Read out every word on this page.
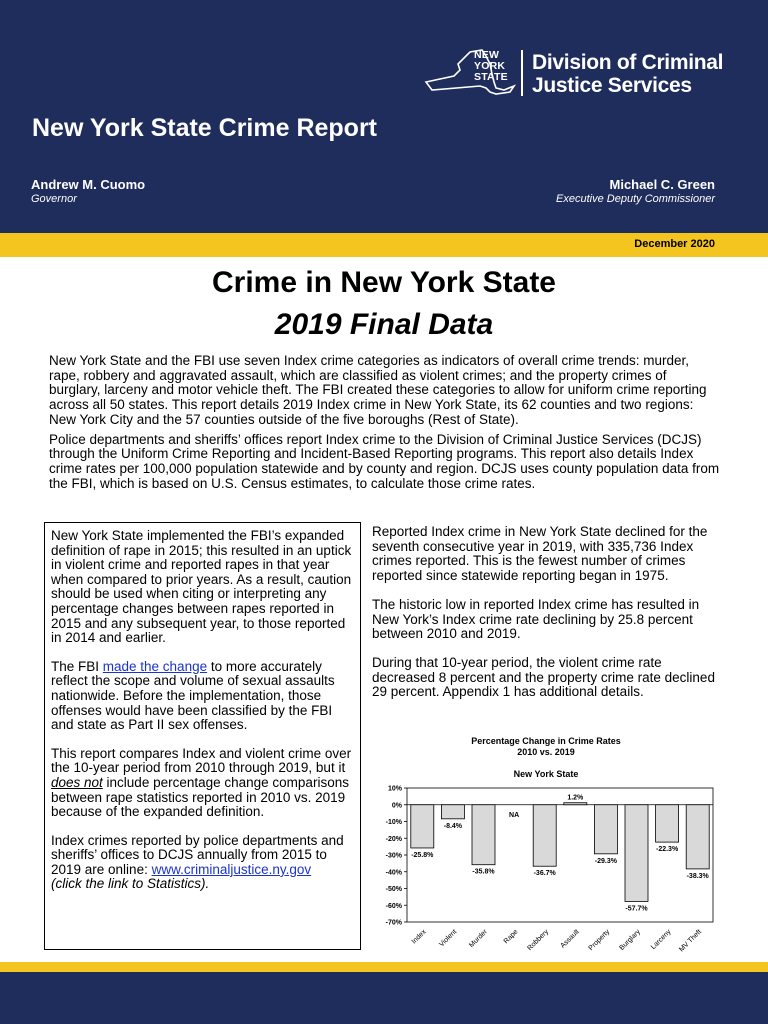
NEW
YORK
STATE
Division of Criminal
Justice Services
New York State Crime Report
Andrew M. Cuomo
Governor
Michael C. Green
Executive Deputy Commissioner
December 2020
Crime in New York State
2019 Final Data

New York State and the FBI use seven Index crime categories as indicators of overall crime trends: murder, rape, robbery and aggravated assault, which are classified as violent crimes; and the property crimes of burglary, larceny and motor vehicle theft. The FBI created these categories to allow for uniform crime reporting across all 50 states. This report details 2019 Index crime in New York State, its 62 counties and two regions: New York City and the 57 counties outside of the five boroughs (Rest of State).

Police departments and sheriffs’ offices report Index crime to the Division of Criminal Justice Services (DCJS) through the Uniform Crime Reporting and Incident-Based Reporting programs. This report also details Index crime rates per 100,000 population statewide and by county and region. DCJS uses county population data from the FBI, which is based on U.S. Census estimates, to calculate those crime rates.

New York State implemented the FBI’s expanded definition of rape in 2015; this resulted in an uptick in violent crime and reported rapes in that year when compared to prior years. As a result, caution should be used when citing or interpreting any percentage changes between rapes reported in 2015 and any subsequent year, to those reported in 2014 and earlier.

The FBI made the change to more accurately reflect the scope and volume of sexual assaults nationwide. Before the implementation, those offenses would have been classified by the FBI and state as Part II sex offenses.

This report compares Index and violent crime over the 10-year period from 2010 through 2019, but it does not include percentage change comparisons between rape statistics reported in 2010 vs. 2019 because of the expanded definition.

Index crimes reported by police departments and sheriffs’ offices to DCJS annually from 2015 to 2019 are online: www.criminaljustice.ny.gov
(click the link to Statistics).

Reported Index crime in New York State declined for the seventh consecutive year in 2019, with 335,736 Index crimes reported. This is the fewest number of crimes reported since statewide reporting began in 1975.

The historic low in reported Index crime has resulted in New York’s Index crime rate declining by 25.8 percent between 2010 and 2019.

During that 10-year period, the violent crime rate decreased 8 percent and the property crime rate declined 29 percent. Appendix 1 has additional details.

Percentage Change in Crime Rates
2010 vs. 2019
New York State
10%
0%
-10%
-20%
-30%
-40%
-50%
-60%
-70%
-25.8%
Index
-8.4%
Violent
-35.8%
Murder
NA
Rape
-36.7%
Robbery
1.2%
Assault
-29.3%
Property
-57.7%
Burglary
-22.3%
Larceny
-38.3%
MV Theft
